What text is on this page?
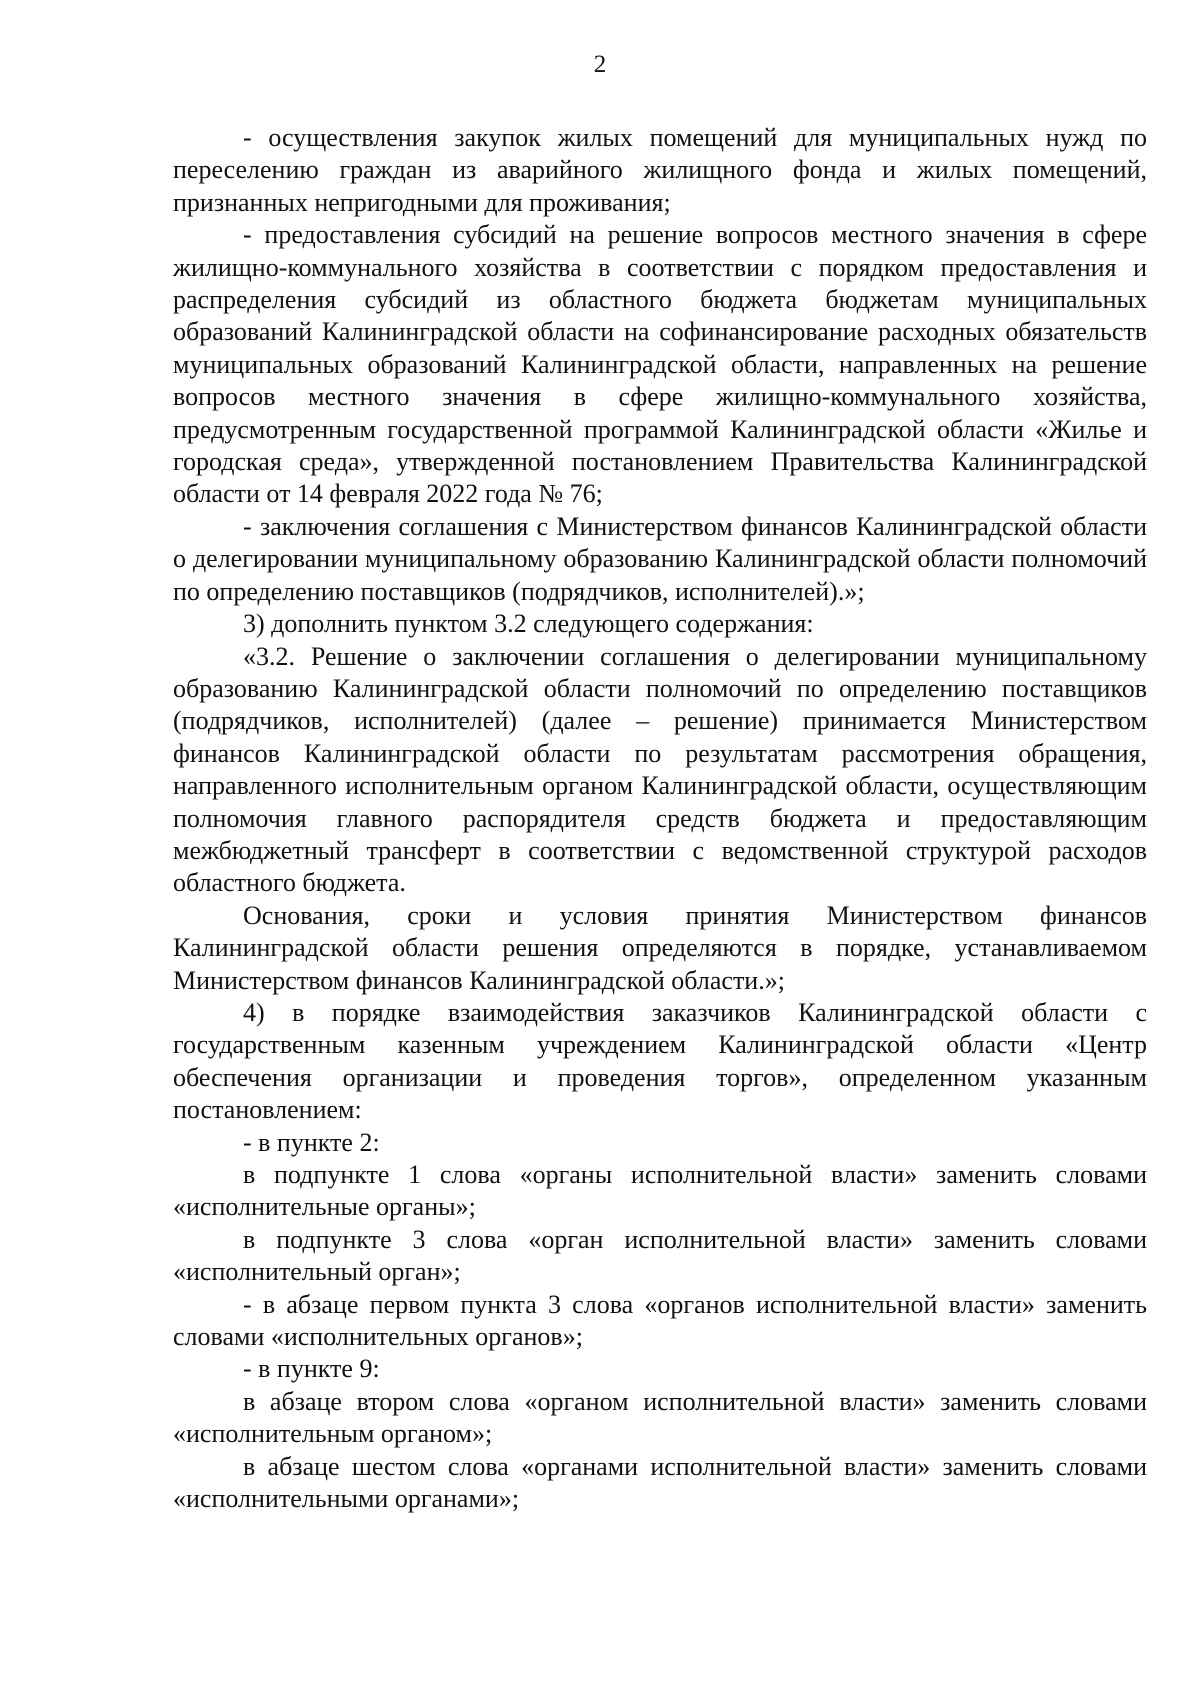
2

- осуществления закупок жилых помещений для муниципальных нужд по переселению граждан из аварийного жилищного фонда и жилых помещений, признанных непригодными для проживания;

- предоставления субсидий на решение вопросов местного значения в сфере жилищно-коммунального хозяйства в соответствии с порядком предоставления и распределения субсидий из областного бюджета бюджетам муниципальных образований Калининградской области на софинансирование расходных обязательств муниципальных образований Калининградской области, направленных на решение вопросов местного значения в сфере жилищно-коммунального хозяйства, предусмотренным государственной программой Калининградской области «Жилье и городская среда», утвержденной постановлением Правительства Калининградской области от 14 февраля 2022 года № 76;

- заключения соглашения с Министерством финансов Калининградской области о делегировании муниципальному образованию Калининградской области полномочий по определению поставщиков (подрядчиков, исполнителей).»;

3) дополнить пунктом 3.2 следующего содержания:

«3.2. Решение о заключении соглашения о делегировании муниципальному образованию Калининградской области полномочий по определению поставщиков (подрядчиков, исполнителей) (далее – решение) принимается Министерством финансов Калининградской области по результатам рассмотрения обращения, направленного исполнительным органом Калининградской области, осуществляющим полномочия главного распорядителя средств бюджета и предоставляющим межбюджетный трансферт в соответствии с ведомственной структурой расходов областного бюджета.

Основания, сроки и условия принятия Министерством финансов Калининградской области решения определяются в порядке, устанавливаемом Министерством финансов Калининградской области.»;

4) в порядке взаимодействия заказчиков Калининградской области с государственным казенным учреждением Калининградской области «Центр обеспечения организации и проведения торгов», определенном указанным постановлением:

- в пункте 2:

в подпункте 1 слова «органы исполнительной власти» заменить словами «исполнительные органы»;

в подпункте 3 слова «орган исполнительной власти» заменить словами «исполнительный орган»;

- в абзаце первом пункта 3 слова «органов исполнительной власти» заменить словами «исполнительных органов»;

- в пункте 9:

в абзаце втором слова «органом исполнительной власти» заменить словами «исполнительным органом»;

в абзаце шестом слова «органами исполнительной власти» заменить словами «исполнительными органами»;
